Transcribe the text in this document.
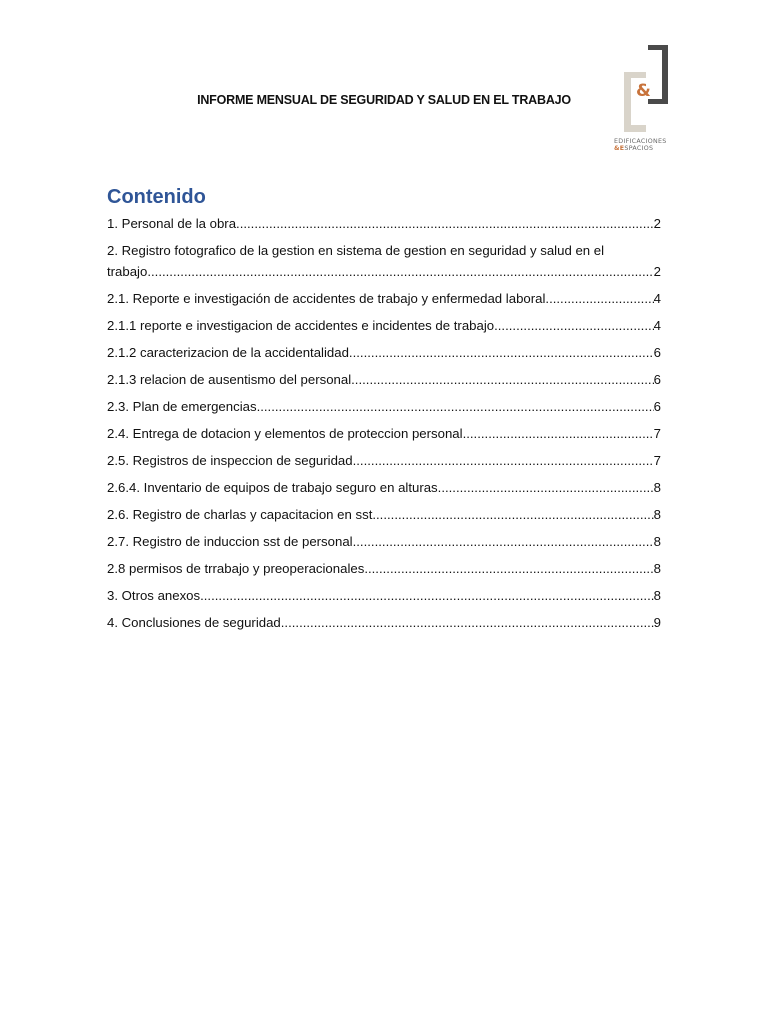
INFORME MENSUAL DE SEGURIDAD Y SALUD EN EL TRABAJO	&
EDIFICACIONES
&ESPACIOS
Contenido
1. Personal de la obra .....	2
2. Registro fotografico de la gestion en sistema de gestion en seguridad y salud en el
trabajo .....	2
2.1. Reporte e investigación de accidentes de trabajo y enfermedad laboral .....	4
2.1.1 reporte e investigacion de accidentes e incidentes de trabajo .....	4
2.1.2 caracterizacion de la accidentalidad .....	6
2.1.3 relacion de ausentismo del personal .....	6
2.3. Plan de emergencias .....	6
2.4. Entrega de dotacion y elementos de proteccion personal .....	7
2.5. Registros de inspeccion de seguridad .....	7
2.6.4. Inventario de equipos de trabajo seguro en alturas .....	8
2.6. Registro de charlas y capacitacion en sst .....	8
2.7. Registro de induccion sst de personal .....	8
2.8 permisos de trrabajo y preoperacionales .....	8
3. Otros anexos .....	8
4. Conclusiones de seguridad .....	9
